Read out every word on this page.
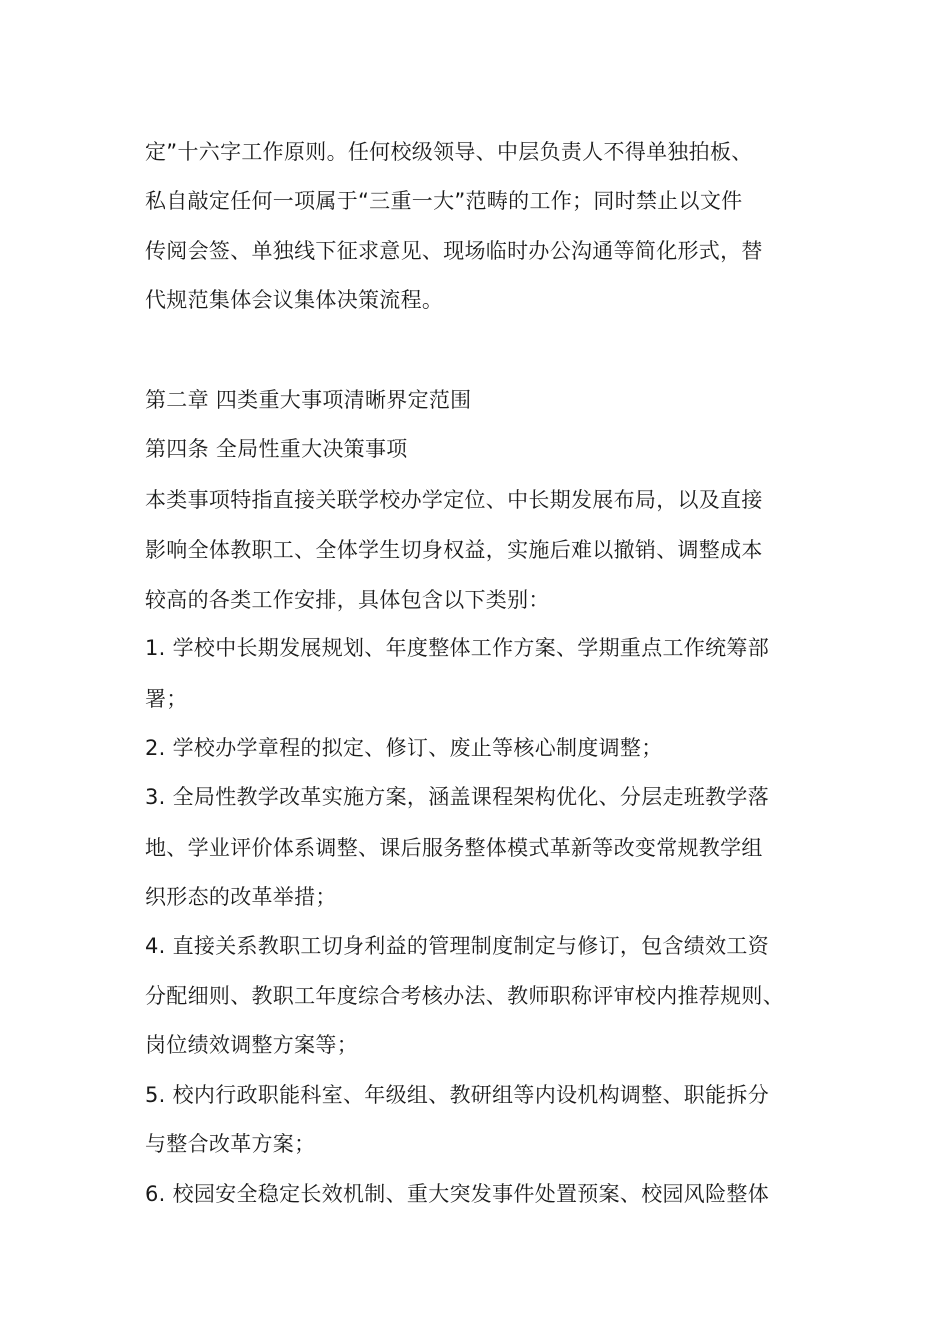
定”十六字工作原则。任何校级领导、中层负责人不得单独拍板、
私自敲定任何一项属于“三重一大”范畴的工作；同时禁止以文件
传阅会签、单独线下征求意见、现场临时办公沟通等简化形式，替
代规范集体会议集体决策流程。
第二章 四类重大事项清晰界定范围
第四条 全局性重大决策事项
本类事项特指直接关联学校办学定位、中长期发展布局，以及直接
影响全体教职工、全体学生切身权益，实施后难以撤销、调整成本
较高的各类工作安排，具体包含以下类别：
1. 学校中长期发展规划、年度整体工作方案、学期重点工作统筹部
署；
2. 学校办学章程的拟定、修订、废止等核心制度调整；
3. 全局性教学改革实施方案，涵盖课程架构优化、分层走班教学落
地、学业评价体系调整、课后服务整体模式革新等改变常规教学组
织形态的改革举措；
4. 直接关系教职工切身利益的管理制度制定与修订，包含绩效工资
分配细则、教职工年度综合考核办法、教师职称评审校内推荐规则、
岗位绩效调整方案等；
5. 校内行政职能科室、年级组、教研组等内设机构调整、职能拆分
与整合改革方案；
6. 校园安全稳定长效机制、重大突发事件处置预案、校园风险整体
